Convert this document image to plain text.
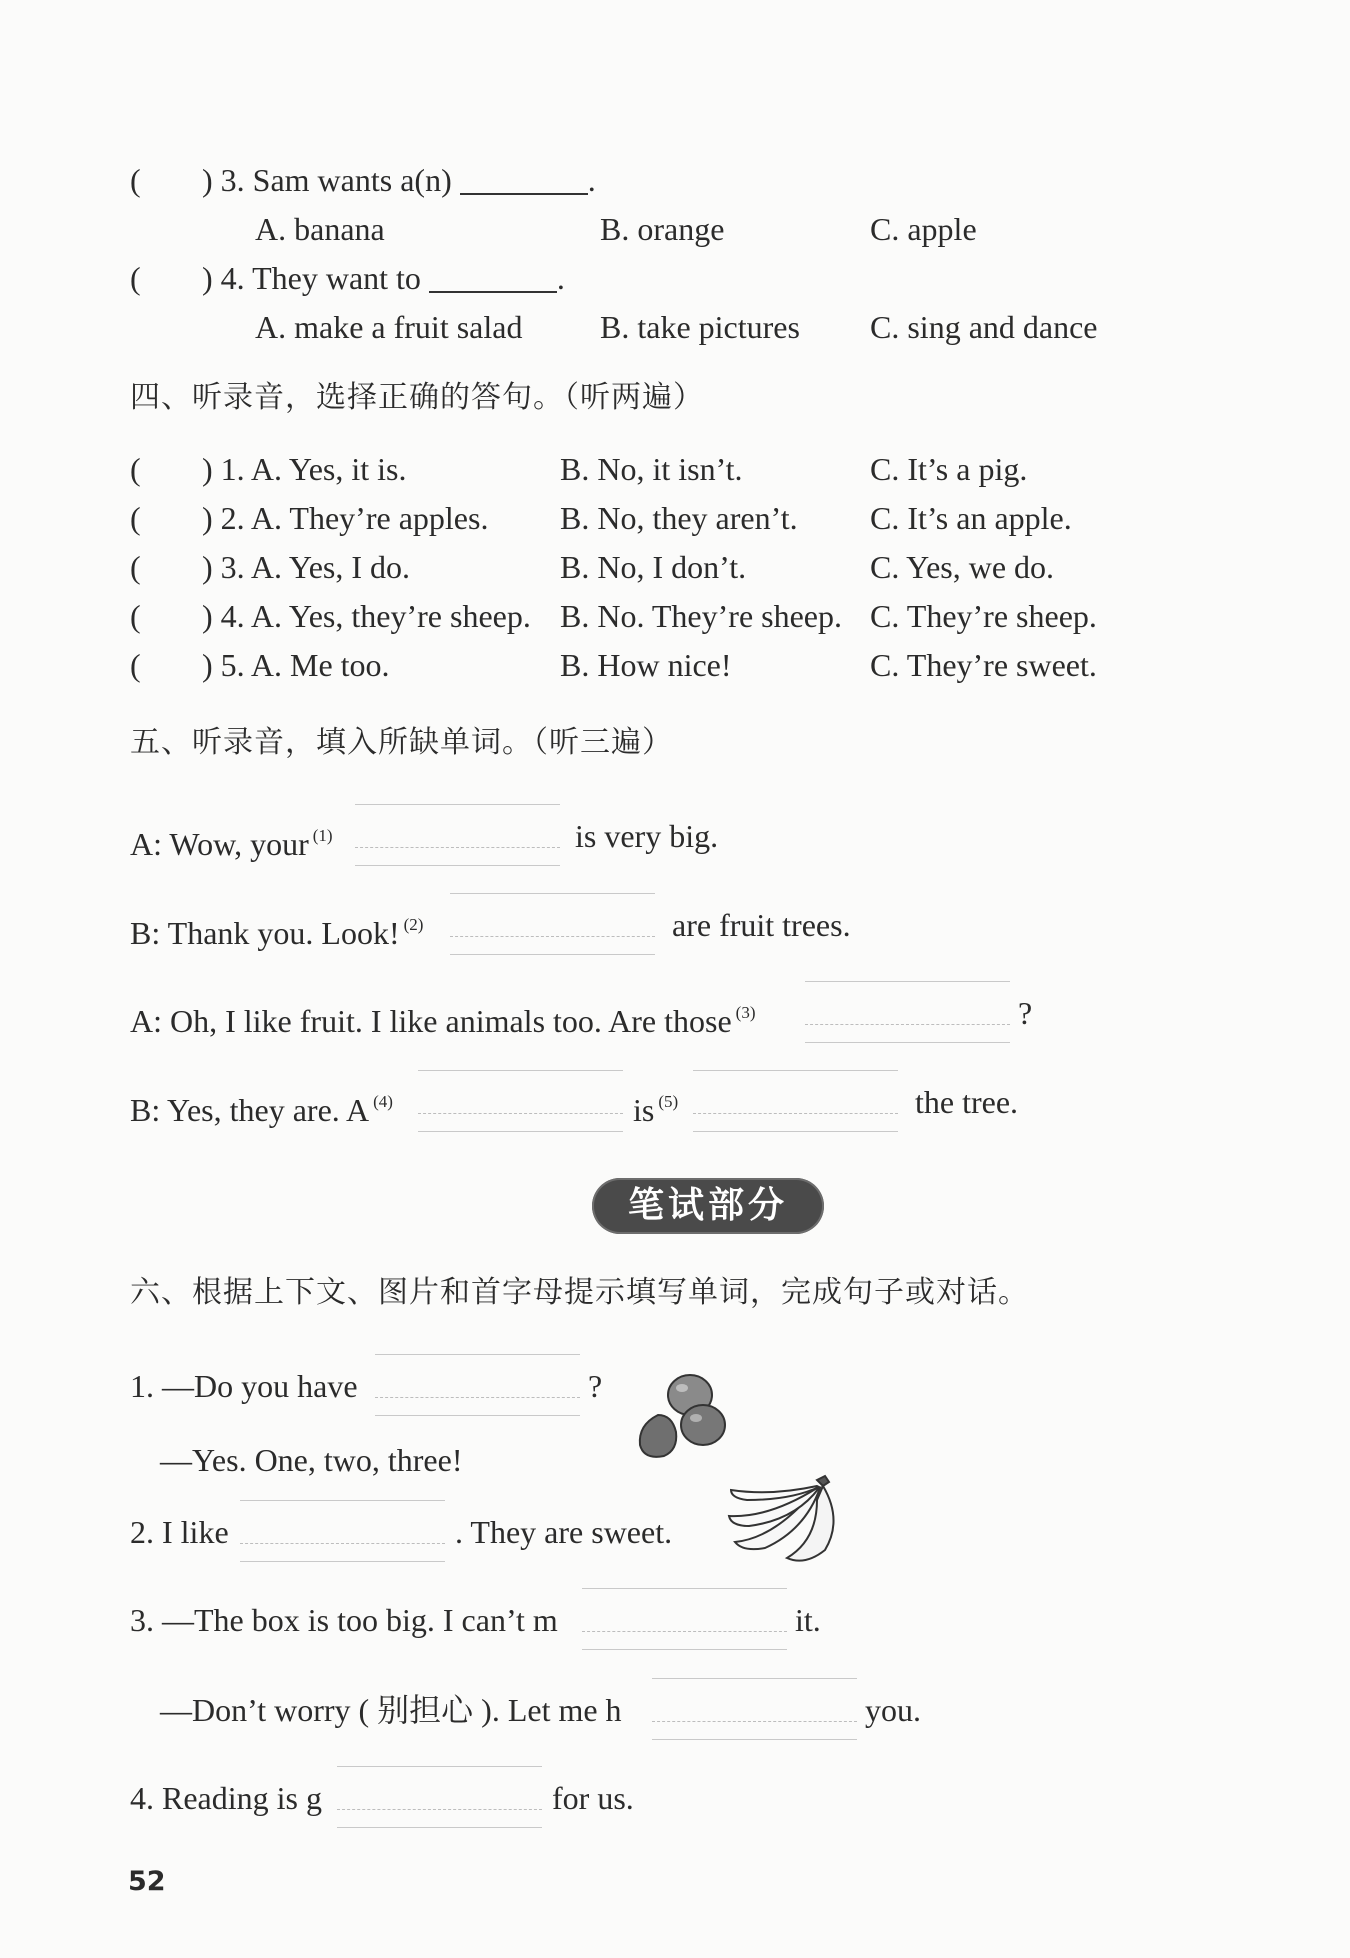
( ) 3. Sam wants a(n)	.
A. banana	B. orange	C. apple
( ) 4. They want to	.
A. make a fruit salad B. take pictures C. sing and dance
四、听录音，选择正确的答句。（听两遍）
( ) 1. A. Yes, it is.	B. No, it isn’t.	C. It’s a pig.
( ) 2. A. They’re apples. B. No, they aren’t. C. It’s an apple.
( ) 3. A. Yes, I do.	B. No, I don’t.	C. Yes, we do.
( ) 4. A. Yes, they’re sheep. B. No. They’re sheep. C. They’re sheep.
( ) 5. A. Me too.	B. How nice!	C. They’re sweet.
五、听录音，填入所缺单词。（听三遍）
A: Wow, your $^{(1)}$	is very big.
B: Thank you. Look! $^{(2)}$	are fruit trees.
A: Oh, I like fruit. I like animals too. Are those $^{(3)}$	?
B: Yes, they are. A $^{(4)}$	is $^{(5)}$	the tree.
笔试部分
六、根据上下文、图片和首字母提示填写单词，完成句子或对话。
1. —Do you have	?
—Yes. One, two, three!
2. I like	. They are sweet.
3. —The box is too big. I can’t m	it.
—Don’t worry ( 别担心 ). Let me h	you.
4. Reading is g	for us.
52
